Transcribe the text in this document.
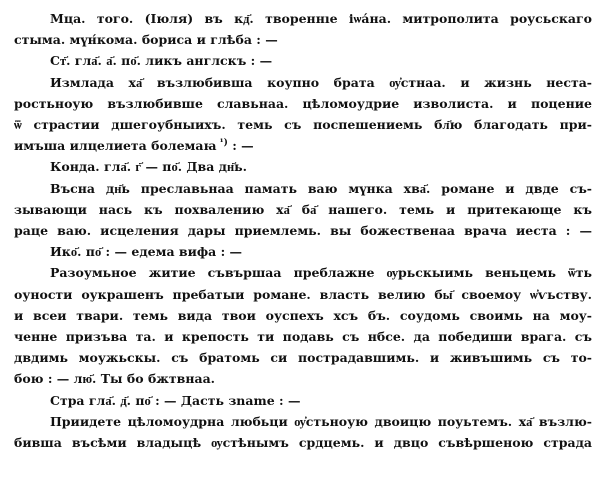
Мца. того. (Iюля) въ кд҃. твореннıе іѡа́на. митрополита роусьскаго
стыма. мүн́кома. бориса и глѣба : —
Ст҃. гла҃. а҃. по҃. ликъ англскъ : —
Измлада ха҃ възлюбивша коупно брата ѹ҆стнаа. и жизнь неста-
ростьноую възлюбивше славьнаа. цѣломоудрие изволиста. и поцение
ѿ страстии дшегоубныихъ. темь съ поспешениемь бл҃ю благодать при-
имъша илцелиета болемаꙗ $^{^1)}$ : —
Конда. гла҃. г҃ — по҃. Два дн҃ь.
Въсна дн҃ь преславьнаа памать ваю мүнка хва҃. романе и двде съ-
зывающи нась къ похвалению ха҃ ба҃ нашего. темь и притекающе къ
раце ваю. исцеления дары приемлемь. вы божественаа врача иеста : —
Ико҃. по҃ : — едема вифа : —
Разоумьное житие съвършаа преблажне ѹрьскыимь веньцемь ѿть
оуности оукрашенъ пребатыи романе. власть велию бы҃ своемоу ѡ҆ѵьству.
и всеи твари. темь вида твои оуспехъ хсъ бъ. соудомь своимь на моу-
ченне призъва та. и крепость ти подавь съ нбсе. да победиши врага. съ
двдимь моужьскы. съ братомь си пострадавшимь. и живъшимь съ то-
бою : — лю҃. Ты бо бжтвнаа.
Стра гла҃. д҃. по҃ : — Дасть зname : —
Приидете цѣломоудрна любьци ѹ҆стьноую двоицю поуьтемъ. ха҃ възлю-
бивша въсѣми владыцѣ ѹстѣнымъ срдцемь. и двцо съвѣршеною страда
